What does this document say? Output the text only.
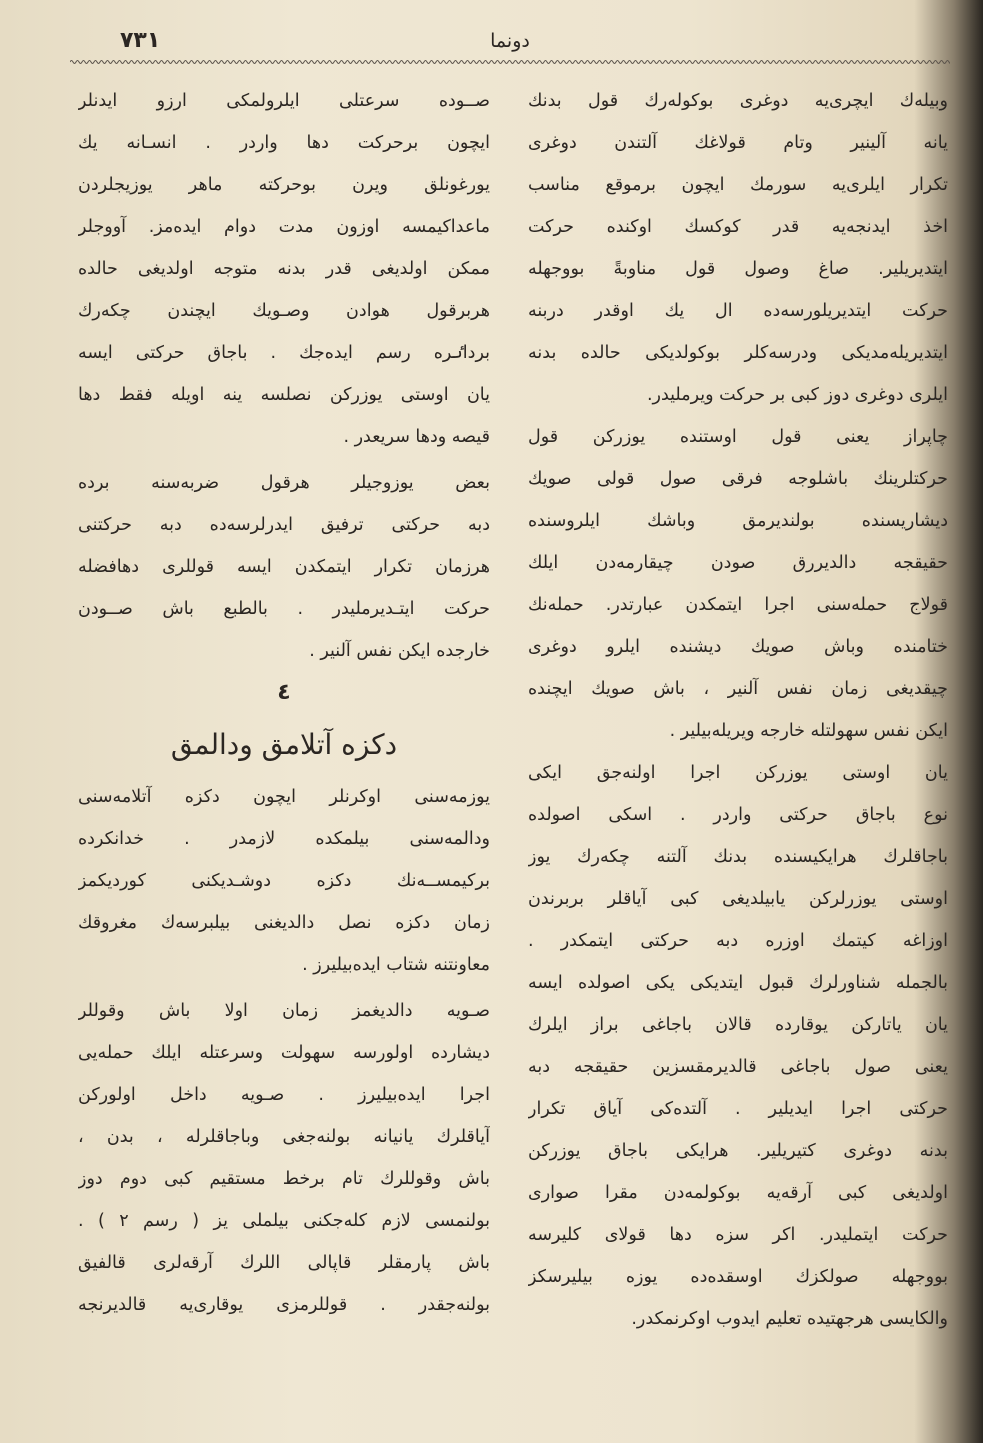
۷۳۱	دونما
وبيله‌ك ايچرى‌يه دوغرى بوكوله‌رك قول بدنك
يانه آلينير وتام قولاغك آلتندن دوغرى
تكرار ايلرى‌يه سورمك ايچون برموقع مناسب
اخذ ايدنجه‌يه قدر كوكسك اوكنده حركت
ايتديريلير. صاغ وصول قول مناوبةً بووجهله
حركت ايتديريلورسه‌ده ال يك اوقدر دربنه
ايتديريله‌مديكى ودرسه‌كلر بوكولديكى حالده بدنه
ايلرى دوغرى دوز كبى بر حركت ويرمليدر.
چاپراز يعنى قول اوستنده يوزركن قول
حركتلرينك باشلوجه فرقى صول قولى صويك
ديشاريسنده بولنديرمق وباشك ايلروسنده
حقيقجه دالديررق صودن چيقارمه‌دن ايلك
قولاج حمله‌سنى اجرا ايتمكدن عبارتدر. حمله‌نك
ختامنده وباش صويك ديشنده ايلرو دوغرى
چيقديغى زمان نفس آلنير ، باش صويك ايچنده
ايكن نفس سهولتله خارجه ويريله‌بيلير .
يان اوستى يوزركن اجرا اولنه‌جق ايكى
نوع باجاق حركتى واردر . اسكى اصولده
باجاقلرك هرايكيسنده بدنك آلتنه چكه‌رك يوز
اوستى يوزرلركن يابيلديغى كبى آياقلر بربرندن
اوزاغه كيتمك اوزره دبه حركتى ايتمكدر .
بالجمله شناورلرك قبول ايتديكى يكى اصولده ايسه
يان ياتاركن يوقارده قالان باجاغى براز ايلرك
يعنى صول باجاغى قالديرمقسزين حقيقجه دبه
حركتى اجرا ايديلير . آلتده‌كى آياق تكرار
بدنه دوغرى كتيريلير. هرايكى باجاق يوزركن
اولديغى كبى آرقه‌يه بوكولمه‌دن مقرا صوارى
حركت ايتمليدر. اكر سزه دها قولاى كليرسه
بووجهله صولكزك اوسقده‌ده يوزه بيليرسكز
والكايسى هرجهتيده تعليم ايدوب اوكرنمكدر.
صــوده سرعتلى ايلرولمكى ارزو ايدنلر
ايچون برحركت دها واردر . انسـانه يك
يورغونلق ويرن بوحركته ماهر يوزيجلردن
ماعداكيمسه اوزون مدت دوام ايده‌مز. آووجلر
ممكن اولديغى قدر بدنه متوجه اولديغى حالده
هربرقول هوادن وصـويك ايچندن چكه‌رك
برداٸره رسم ايده‌جك . باجاق حركتى ايسه
يان اوستى يوزركن نصلسه ينه اويله فقط دها
قيصه ودها سريعدر .
بعض يوزوجيلر هرقول ضربه‌سنه برده
دبه حركتى ترفيق ايدرلرسه‌ده دبه حركتنى
هرزمان تكرار ايتمكدن ايسه قوللرى دهافضله
حركت ايتـديرمليدر . بالطبع باش صــودن
خارجده ايكن نفس آلنير .
٤
دكزه آتلامق ودالمق
يوزمه‌سنى اوكرنلر ايچون دكزه آتلامه‌سنى
ودالمه‌سنى بيلمكده لازمدر . خدانكرده
بركيمســه‌نك دكزه دوشـديكنى كورديكمز
زمان دكزه نصل دالديغنى بيلبرسه‌ك مغروقك
معاونتنه شتاب ايده‌بيليرز .
صـويه دالديغمز زمان اولا باش وقوللر
ديشارده اولورسه سهولت وسرعتله ايلك حمله‌يى
اجرا ايده‌بيليرز . صـويه داخل اولوركن
آياقلرك يانيانه بولنه‌جغى وباجاقلرله ، بدن ،
باش وقوللرك تام برخط مستقيم كبى دوم دوز
بولنمسى لازم كله‌جكنى بيلملى يز ( رسم ٢ ) .
باش پارمقلر قاپالى اللرك آرقه‌لرى قالفيق
بولنه‌جقدر . قوللرمزى يوقارى‌يه قالديرنجه
